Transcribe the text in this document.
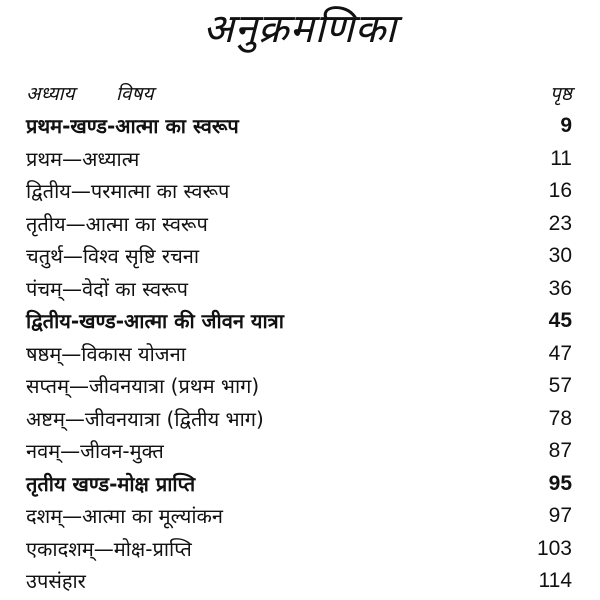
अनुक्रमणिका
अध्याय विषय	पृष्ठ
प्रथम-खण्ड-आत्मा का स्वरूप	9
प्रथम—अध्यात्म	11
द्वितीय—परमात्मा का स्वरूप	16
तृतीय—आत्मा का स्वरूप	23
चतुर्थ—विश्व सृष्टि रचना	30
पंचम्—वेदों का स्वरूप	36
द्वितीय-खण्ड-आत्मा की जीवन यात्रा	45
षष्ठम्—विकास योजना	47
सप्तम्—जीवनयात्रा (प्रथम भाग)	57
अष्टम्—जीवनयात्रा (द्वितीय भाग)	78
नवम्—जीवन-मुक्त	87
तृतीय खण्ड-मोक्ष प्राप्ति	95
दशम्—आत्मा का मूल्यांकन	97
एकादशम्—मोक्ष-प्राप्ति	103
उपसंहार	114
